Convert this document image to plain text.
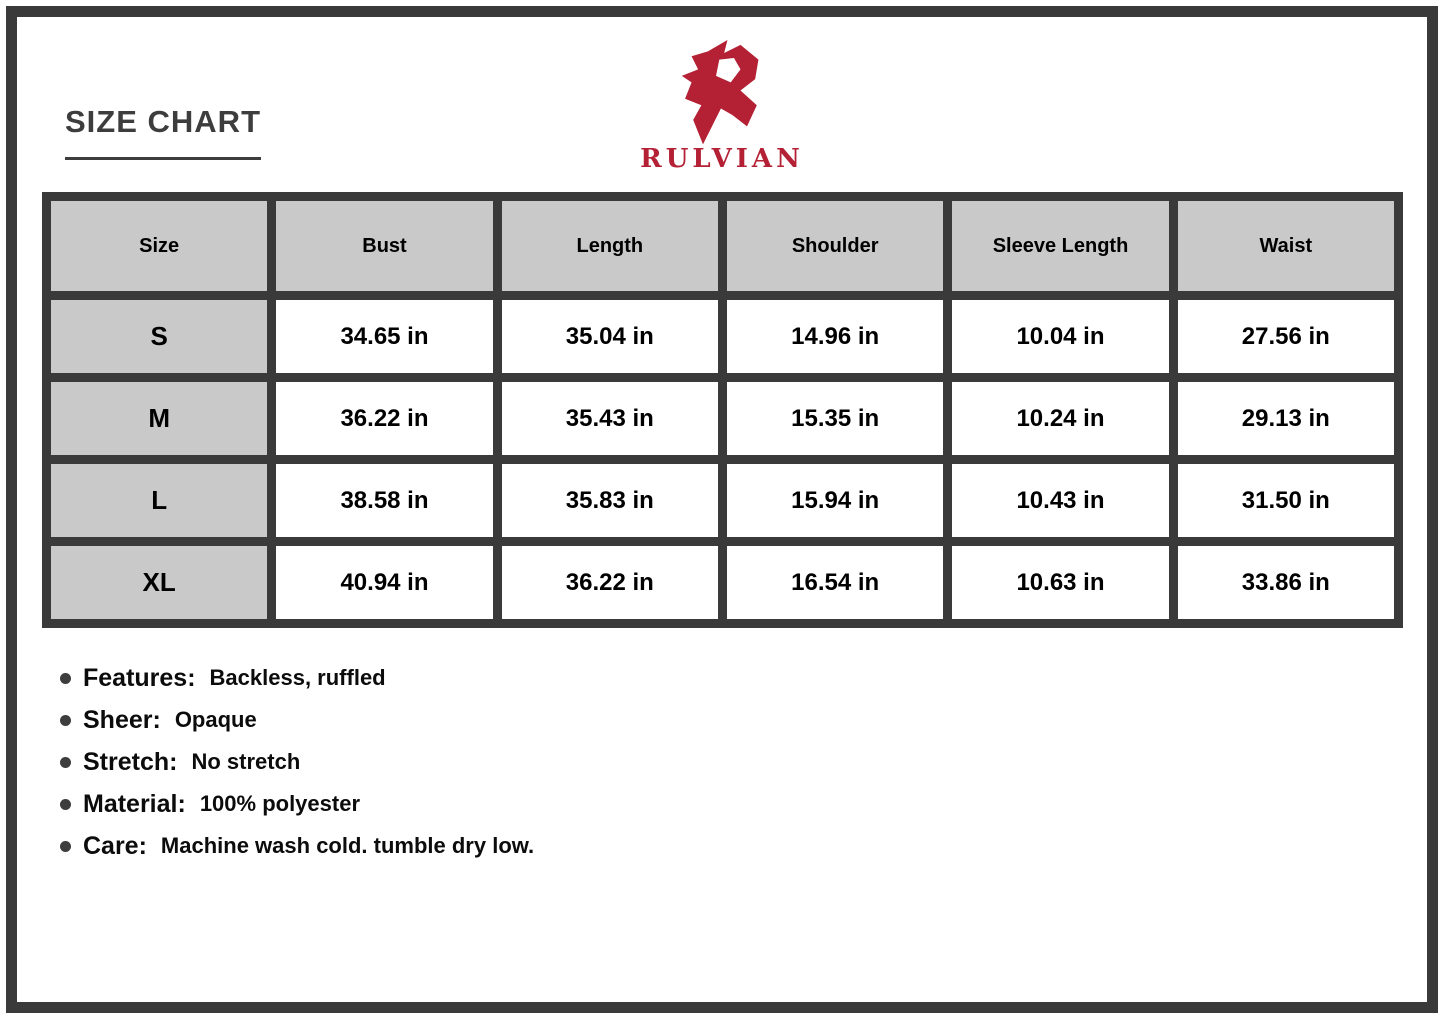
SIZE CHART
RULVIAN
Size	Bust	Length	Shoulder	Sleeve Length	Waist
S	34.65 in	35.04 in	14.96 in	10.04 in	27.56 in
M	36.22 in	35.43 in	15.35 in	10.24 in	29.13 in
L	38.58 in	35.83 in	15.94 in	10.43 in	31.50 in
XL	40.94 in	36.22 in	16.54 in	10.63 in	33.86 in
Features: Backless, ruffled
Sheer: Opaque
Stretch: No stretch
Material: 100% polyester
Care: Machine wash cold. tumble dry low.
